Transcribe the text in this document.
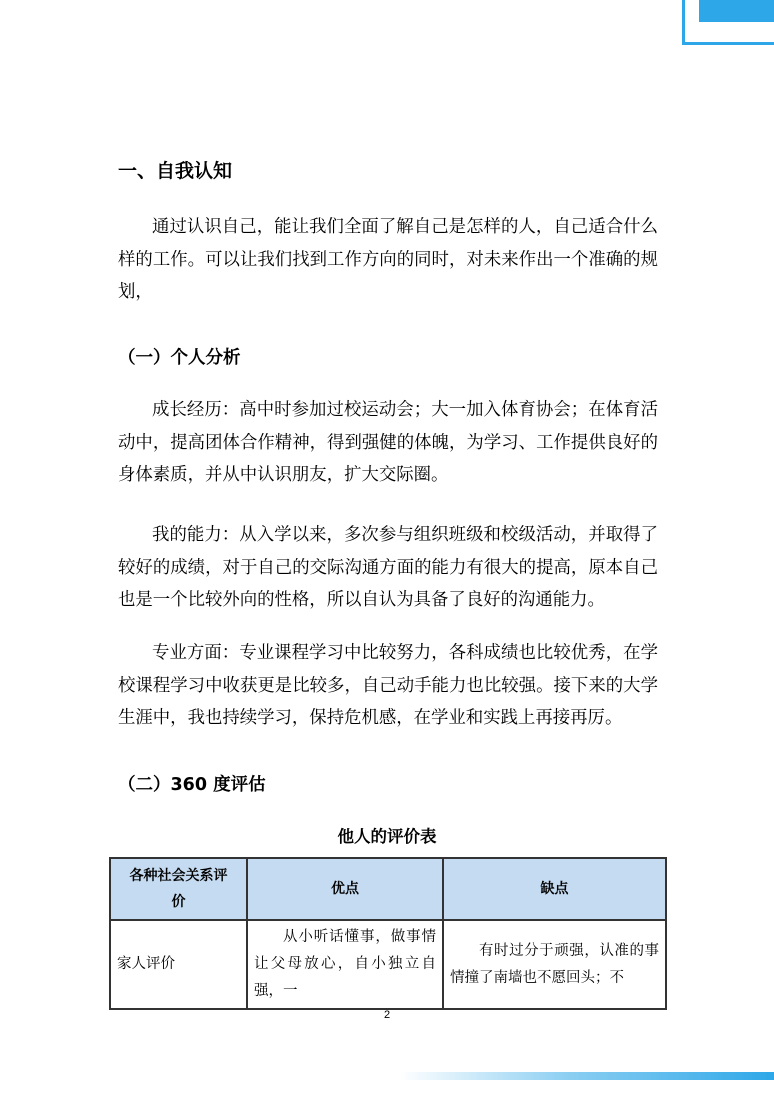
一、自我认知

通过认识自己，能让我们全面了解自己是怎样的人，自己适合什么样的工作。可以让我们找到工作方向的同时，对未来作出一个准确的规划，

（一）个人分析

成长经历：高中时参加过校运动会；大一加入体育协会；在体育活动中，提高团体合作精神，得到强健的体魄，为学习、工作提供良好的身体素质，并从中认识朋友，扩大交际圈。

我的能力：从入学以来，多次参与组织班级和校级活动，并取得了较好的成绩，对于自己的交际沟通方面的能力有很大的提高，原本自己也是一个比较外向的性格，所以自认为具备了良好的沟通能力。

专业方面：专业课程学习中比较努力，各科成绩也比较优秀，在学校课程学习中收获更是比较多，自己动手能力也比较强。接下来的大学生涯中，我也持续学习，保持危机感，在学业和实践上再接再厉。

（二）360 度评估
他人的评价表
各种社会关系评价	优点	缺点
家人评价	从小听话懂事，做事情让父母放心，自小独立自强，一	有时过分于顽强，认准的事情撞了南墙也不愿回头；不
2
